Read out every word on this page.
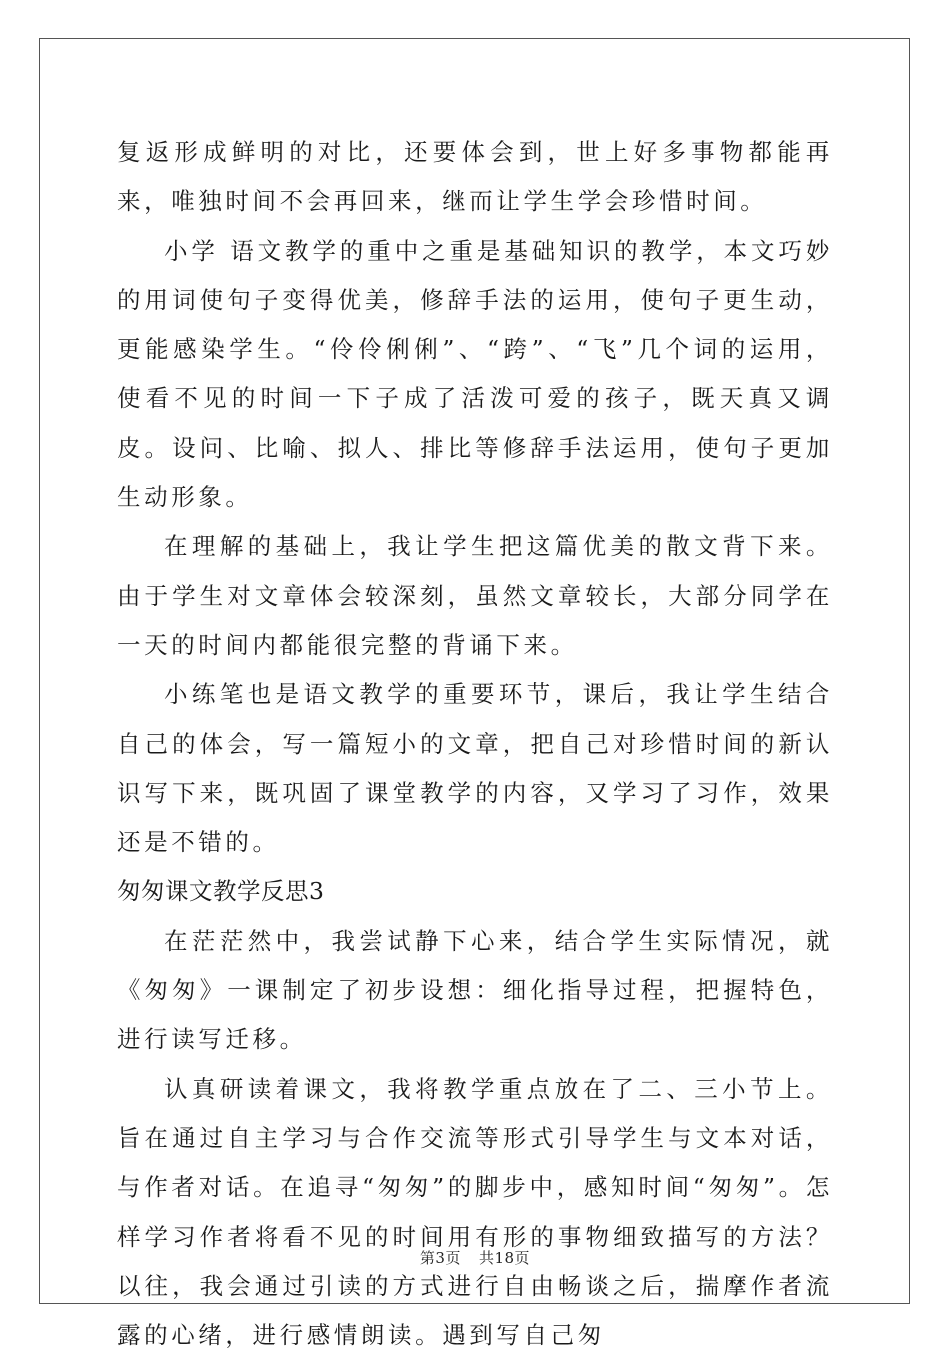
复返形成鲜明的对比，还要体会到，世上好多事物都能再来，唯独时间不会再回来，继而让学生学会珍惜时间。

小学 语文教学的重中之重是基础知识的教学，本文巧妙的用词使句子变得优美，修辞手法的运用，使句子更生动，更能感染学生。“伶伶俐俐”、“跨”、“飞”几个词的运用，使看不见的时间一下子成了活泼可爱的孩子，既天真又调皮。设问、比喻、拟人、排比等修辞手法运用，使句子更加生动形象。

在理解的基础上，我让学生把这篇优美的散文背下来。由于学生对文章体会较深刻，虽然文章较长，大部分同学在一天的时间内都能很完整的背诵下来。

小练笔也是语文教学的重要环节，课后，我让学生结合自己的体会，写一篇短小的文章，把自己对珍惜时间的新认识写下来，既巩固了课堂教学的内容，又学习了习作，效果还是不错的。

匆匆课文教学反思3

在茫茫然中，我尝试静下心来，结合学生实际情况，就《匆匆》一课制定了初步设想：细化指导过程，把握特色，进行读写迁移。

认真研读着课文，我将教学重点放在了二、三小节上。旨在通过自主学习与合作交流等形式引导学生与文本对话，与作者对话。在追寻“匆匆”的脚步中，感知时间“匆匆”。怎样学习作者将看不见的时间用有形的事物细致描写的方法？以往，我会通过引读的方式进行自由畅谈之后，揣摩作者流露的心绪，进行感情朗读。遇到写自己匆

第3页 共18页
